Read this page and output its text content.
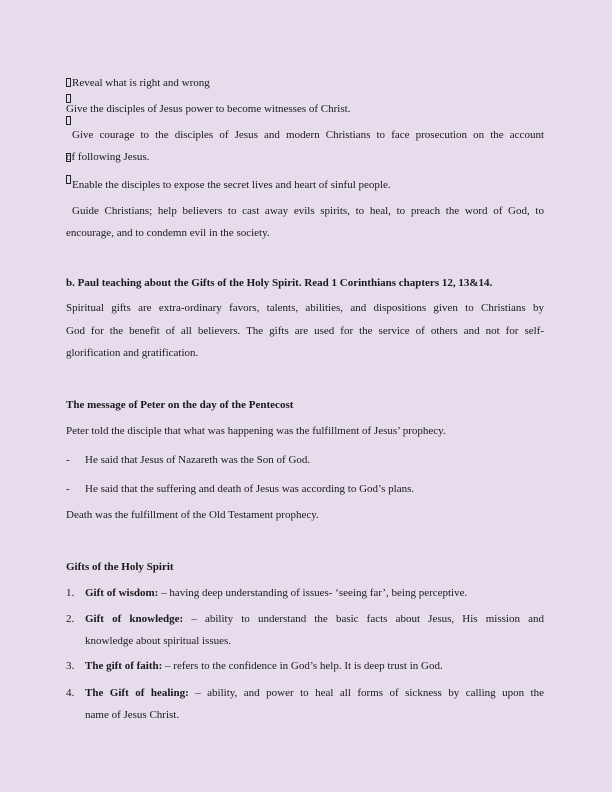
Reveal what is right and wrong
Give the disciples of Jesus power to become witnesses of Christ.
Give courage to the disciples of Jesus and modern Christians to face prosecution on the account
of following Jesus.
Enable the disciples to expose the secret lives and heart of sinful people.
Guide Christians; help believers to cast away evils spirits, to heal, to preach the word of God, to
encourage, and to condemn evil in the society.
b. Paul teaching about the Gifts of the Holy Spirit. Read 1 Corinthians chapters 12, 13&14.
Spiritual gifts are extra-ordinary favors, talents, abilities, and dispositions given to Christians by
God for the benefit of all believers. The gifts are used for the service of others and not for self-
glorification and gratification.
The message of Peter on the day of the Pentecost
Peter told the disciple that what was happening was the fulfillment of Jesus’ prophecy.
- He said that Jesus of Nazareth was the Son of God.
- He said that the suffering and death of Jesus was according to God’s plans.
Death was the fulfillment of the Old Testament prophecy.
Gifts of the Holy Spirit
1. Gift of wisdom: – having deep understanding of issues- ‘seeing far’, being perceptive.
2. Gift of knowledge: – ability to understand the basic facts about Jesus, His mission and
knowledge about spiritual issues.
3. The gift of faith: – refers to the confidence in God’s help. It is deep trust in God.
4. The Gift of healing: – ability, and power to heal all forms of sickness by calling upon the
name of Jesus Christ.
